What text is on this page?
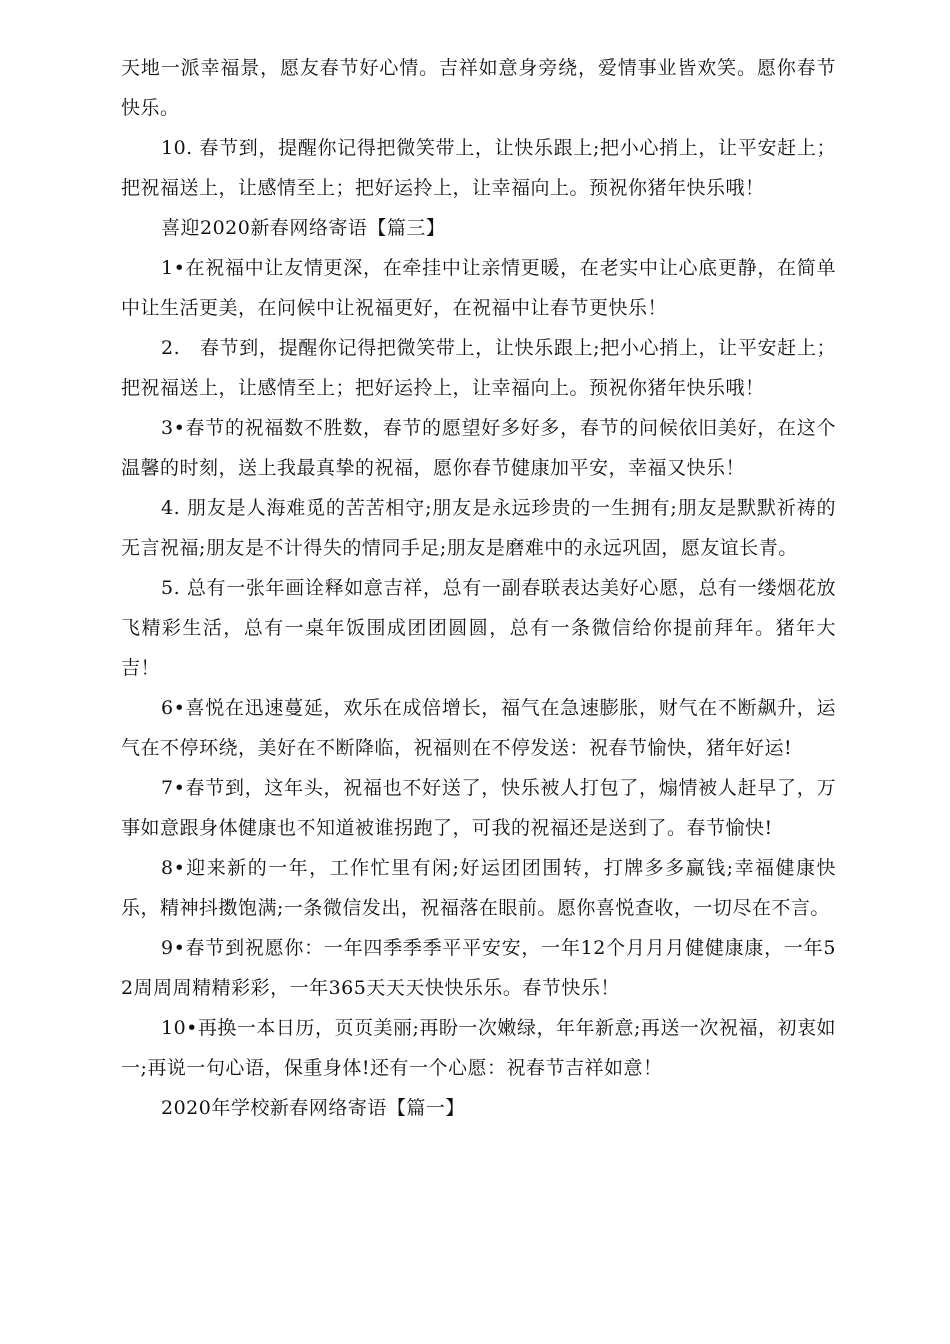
天地一派幸福景，愿友春节好心情。吉祥如意身旁绕，爱情事业皆欢笑。愿你春节快乐。

10. 春节到，提醒你记得把微笑带上，让快乐跟上;把小心捎上，让平安赶上；把祝福送上，让感情至上；把好运拎上，让幸福向上。预祝你猪年快乐哦！

喜迎2020新春网络寄语【篇三】

1•在祝福中让友情更深，在牵挂中让亲情更暖，在老实中让心底更静，在简单中让生活更美，在问候中让祝福更好，在祝福中让春节更快乐！

2.　春节到，提醒你记得把微笑带上，让快乐跟上;把小心捎上，让平安赶上；把祝福送上，让感情至上；把好运拎上，让幸福向上。预祝你猪年快乐哦！

3•春节的祝福数不胜数，春节的愿望好多好多，春节的问候依旧美好，在这个温馨的时刻，送上我最真挚的祝福，愿你春节健康加平安，幸福又快乐！

4. 朋友是人海难觅的苦苦相守;朋友是永远珍贵的一生拥有;朋友是默默祈祷的无言祝福;朋友是不计得失的情同手足;朋友是磨难中的永远巩固，愿友谊长青。

5. 总有一张年画诠释如意吉祥，总有一副春联表达美好心愿，总有一缕烟花放飞精彩生活，总有一桌年饭围成团团圆圆，总有一条微信给你提前拜年。猪年大吉！

6•喜悦在迅速蔓延，欢乐在成倍增长，福气在急速膨胀，财气在不断飙升，运气在不停环绕，美好在不断降临，祝福则在不停发送：祝春节愉快，猪年好运!

7•春节到，这年头，祝福也不好送了，快乐被人打包了，煽情被人赶早了，万事如意跟身体健康也不知道被谁拐跑了，可我的祝福还是送到了。春节愉快!

8•迎来新的一年，工作忙里有闲;好运团团围转，打牌多多赢钱;幸福健康快乐，精神抖擞饱满;一条微信发出，祝福落在眼前。愿你喜悦查收，一切尽在不言。

9•春节到祝愿你：一年四季季季平平安安，一年12个月月月健健康康，一年52周周周精精彩彩，一年365天天天快快乐乐。春节快乐！

10•再换一本日历，页页美丽;再盼一次嫩绿，年年新意;再送一次祝福，初衷如一;再说一句心语，保重身体!还有一个心愿：祝春节吉祥如意！

2020年学校新春网络寄语【篇一】
